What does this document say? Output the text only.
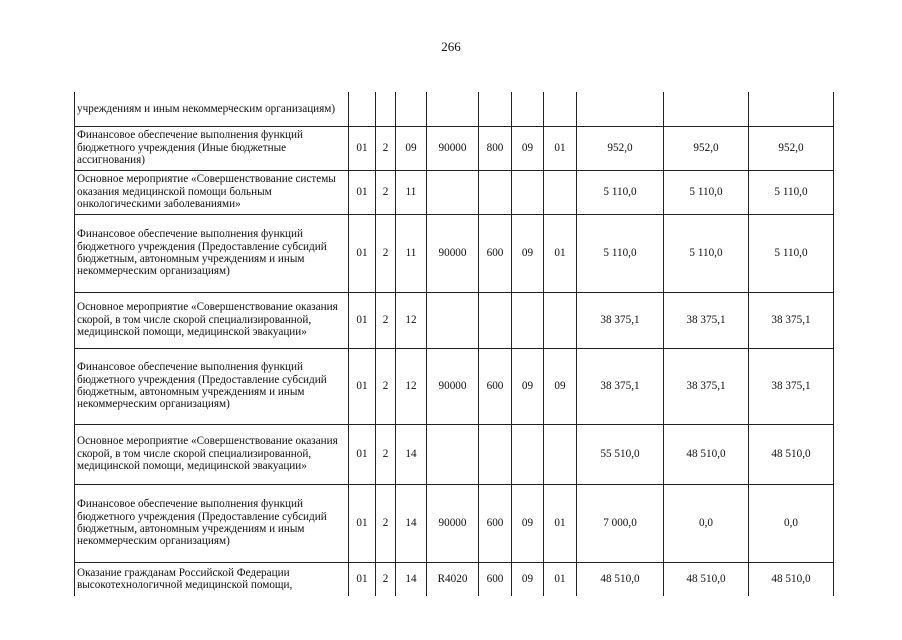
266
учреждениям и иным некоммерческим организациям)										
Финансовое обеспечение выполнения функций бюджетного учреждения (Иные бюджетные ассигнования)	01	2	09	90000	800	09	01	952,0	952,0	952,0
Основное мероприятие «Совершенствование системы оказания медицинской помощи больным онкологическими заболеваниями»	01	2	11					5 110,0	5 110,0	5 110,0
Финансовое обеспечение выполнения функций бюджетного учреждения (Предоставление субсидий бюджетным, автономным учреждениям и иным некоммерческим организациям)	01	2	11	90000	600	09	01	5 110,0	5 110,0	5 110,0
Основное мероприятие «Совершенствование оказания скорой, в том числе скорой специализированной, медицинской помощи, медицинской эвакуации»	01	2	12					38 375,1	38 375,1	38 375,1
Финансовое обеспечение выполнения функций бюджетного учреждения (Предоставление субсидий бюджетным, автономным учреждениям и иным некоммерческим организациям)	01	2	12	90000	600	09	09	38 375,1	38 375,1	38 375,1
Основное мероприятие «Совершенствование оказания скорой, в том числе скорой специализированной, медицинской помощи, медицинской эвакуации»	01	2	14					55 510,0	48 510,0	48 510,0
Финансовое обеспечение выполнения функций бюджетного учреждения (Предоставление субсидий бюджетным, автономным учреждениям и иным некоммерческим организациям)	01	2	14	90000	600	09	01	7 000,0	0,0	0,0
Оказание гражданам Российской Федерации высокотехнологичной медицинской помощи,	01	2	14	R4020	600	09	01	48 510,0	48 510,0	48 510,0
